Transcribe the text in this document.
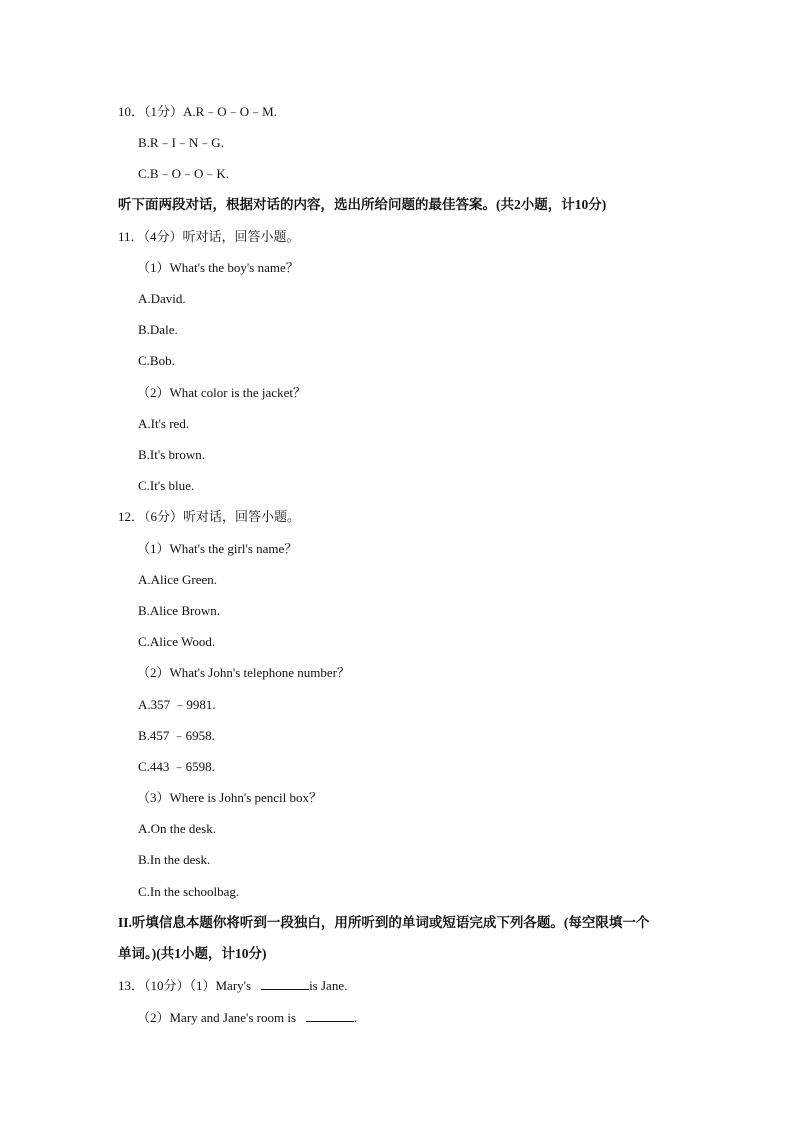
10．（1分）A.R﹣O﹣O﹣M.
B.R﹣I﹣N﹣G.
C.B﹣O﹣O﹣K.
听下面两段对话，根据对话的内容，选出所给问题的最佳答案。(共2小题，计10分)
11．（4分）听对话，回答小题。
（1）What's the boy's name？
A.David.
B.Dale.
C.Bob.
（2）What color is the jacket？
A.It's red.
B.It's brown.
C.It's blue.
12．（6分）听对话，回答小题。
（1）What's the girl's name？
A.Alice Green.
B.Alice Brown.
C.Alice Wood.
（2）What's John's telephone number？
A.357 ﹣9981.
B.457 ﹣6958.
C.443 ﹣6598.
（3）Where is John's pencil box？
A.On the desk.
B.In the desk.
C.In the schoolbag.
II.听填信息本题你将听到一段独白，用所听到的单词或短语完成下列各题。(每空限填一个
单词。)(共1小题，计10分)
13．（10分）（1）Mary's	is Jane.
（2）Mary and Jane's room is	.
